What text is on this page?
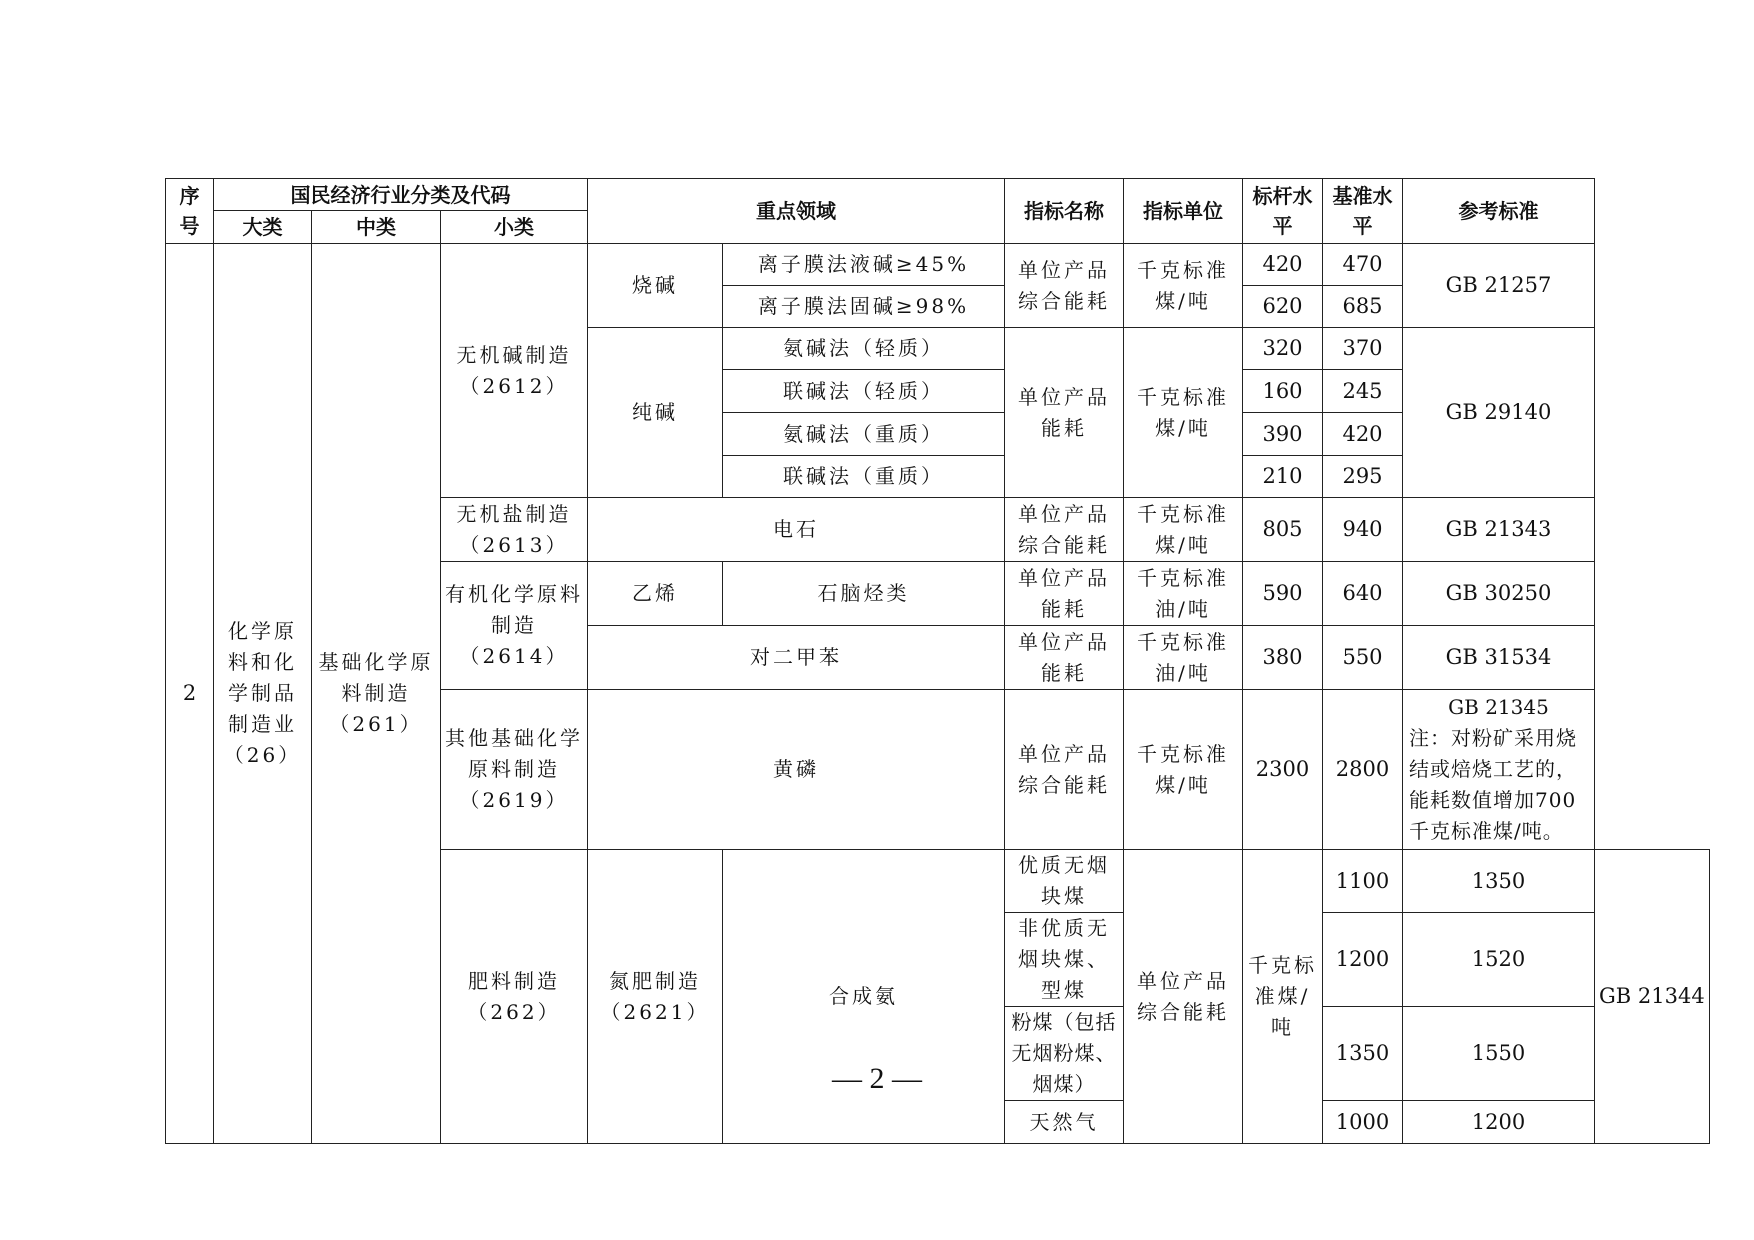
序号	国民经济行业分类及代码			重点领域		指标名称	指标单位	标杆水平	基准水平	参考标准	
	大类	中类	小类								
2	化学原料和化学制品制造业（26）	基础化学原料制造（261）	无机碱制造（2612）	烧碱	离子膜法液碱≥45%	单位产品综合能耗	千克标准煤/吨	420	470	GB 21257	
					离子膜法固碱≥98%			620	685		
				纯碱	氨碱法（轻质）	单位产品能耗	千克标准煤/吨	320	370	GB 29140	
					联碱法（轻质）			160	245		
					氨碱法（重质）			390	420		
					联碱法（重质）			210	295		
			无机盐制造（2613）	电石		单位产品综合能耗	千克标准煤/吨	805	940	GB 21343	
			有机化学原料制造（2614）	乙烯	石脑烃类	单位产品能耗	千克标准油/吨	590	640	GB 30250	
				对二甲苯		单位产品能耗	千克标准油/吨	380	550	GB 31534	
			其他基础化学原料制造（2619）	黄磷		单位产品综合能耗	千克标准煤/吨	2300	2800	GB 21345
注：对粉矿采用烧结或焙烧工艺的，能耗数值增加700千克标准煤/吨。	
			肥料制造（262）	氮肥制造（2621）	合成氨	优质无烟块煤	单位产品综合能耗	千克标准煤/吨	1100	1350	GB 21344
						非优质无烟块煤、型煤			1200	1520	
						粉煤（包括无烟粉煤、烟煤）			1350	1550	
						天然气			1000	1200	
— 2 —
